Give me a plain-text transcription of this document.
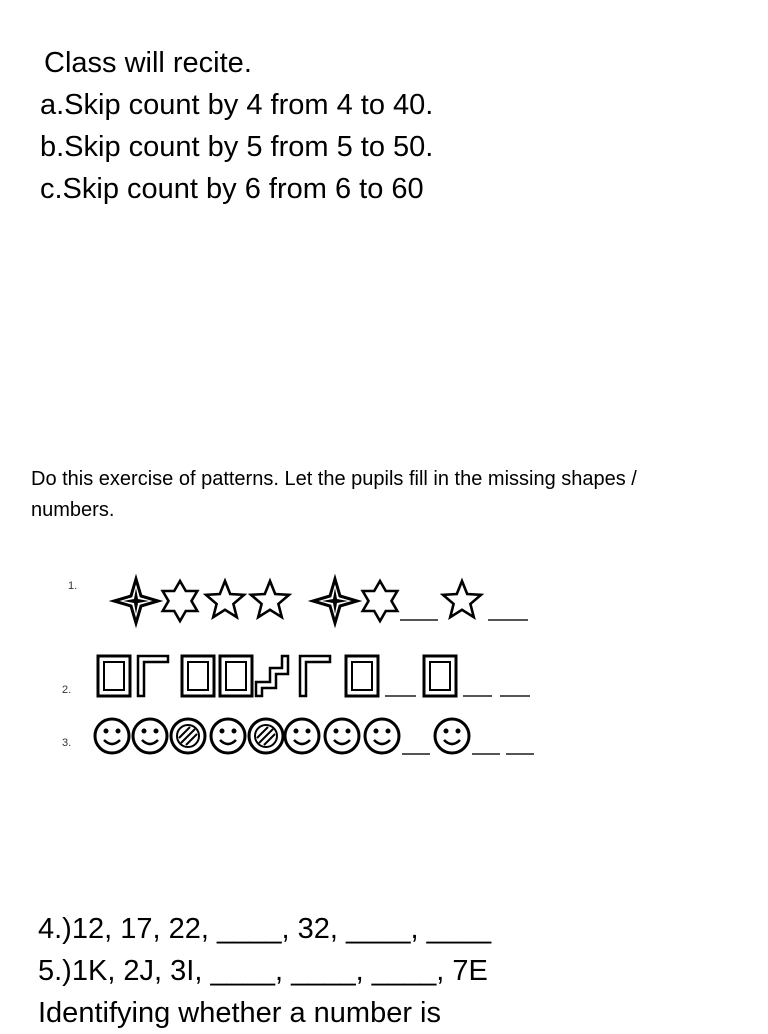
Class will recite.
a.Skip count by 4 from 4 to 40.
b.Skip count by 5 from 5 to 50.
c.Skip count by 6 from 6 to 60
Do this exercise of patterns. Let the pupils fill in the missing shapes / numbers.
1.
2.
3.
4.)12, 17, 22, ____, 32, ____, ____
5.)1K, 2J, 3I, ____, ____, ____, 7E
Identifying whether a number is
